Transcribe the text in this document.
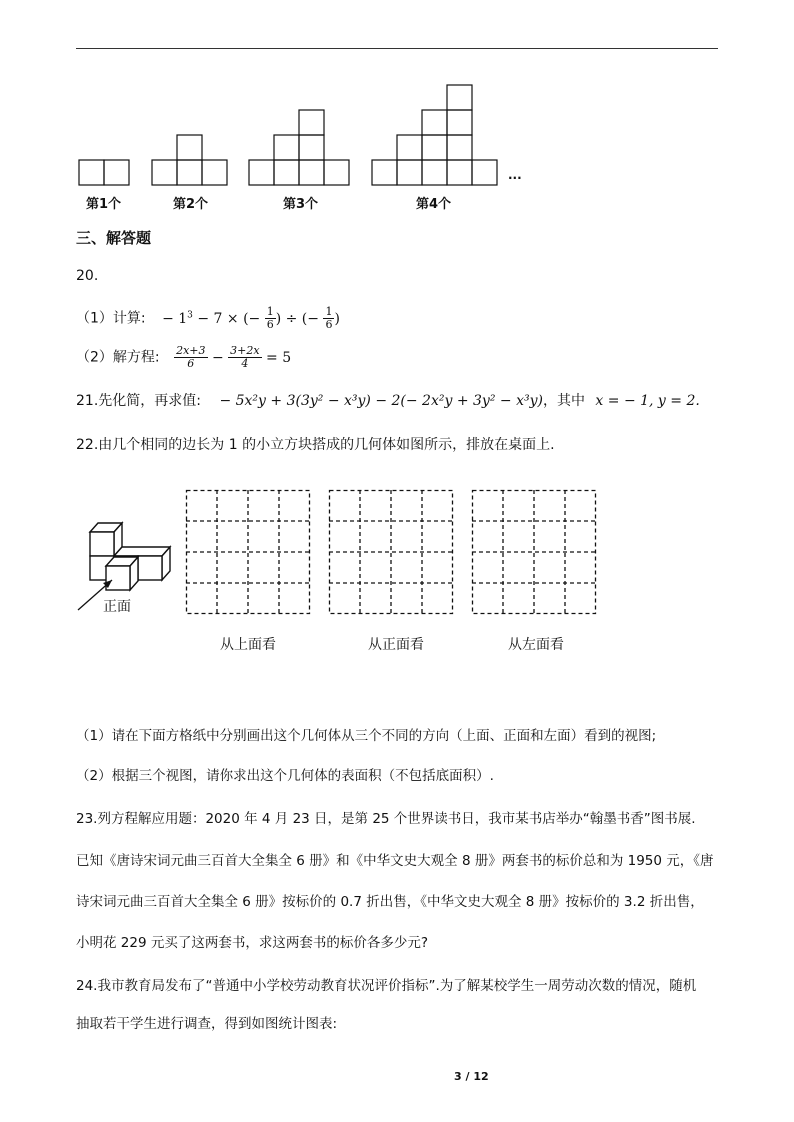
第1个	第2个	第3个	第4个
...
三、解答题
20.
（1）计算: − $1^3 - 7$ × (− $\frac{1}{6}$ ) ÷ (− $\frac{1}{6}$ )
（2）解方程: $\frac{2x+3}{6} - \frac{3+2x}{4} = 5$
21.先化简，再求值: − 5x²y + 3(3y² − x³y) − 2(− 2x²y + 3y² − x³y)，其中 x = − 1, y = 2.
22.由几个相同的边长为 1 的小立方块搭成的几何体如图所示，排放在桌面上.
正面
从上面看	从正面看	从左面看
（1）请在下面方格纸中分别画出这个几何体从三个不同的方向（上面、正面和左面）看到的视图;
（2）根据三个视图，请你求出这个几何体的表面积（不包括底面积）.
23.列方程解应用题：2020 年 4 月 23 日，是第 25 个世界读书日，我市某书店举办“翰墨书香”图书展.
已知《唐诗宋词元曲三百首大全集全 6 册》和《中华文史大观全 8 册》两套书的标价总和为 1950 元，《唐
诗宋词元曲三百首大全集全 6 册》按标价的 0.7 折出售，《中华文史大观全 8 册》按标价的 3.2 折出售，
小明花 229 元买了这两套书，求这两套书的标价各多少元?
24.我市教育局发布了“普通中小学校劳动教育状况评价指标”.为了解某校学生一周劳动次数的情况，随机
抽取若干学生进行调查，得到如图统计图表:
3 / 12
